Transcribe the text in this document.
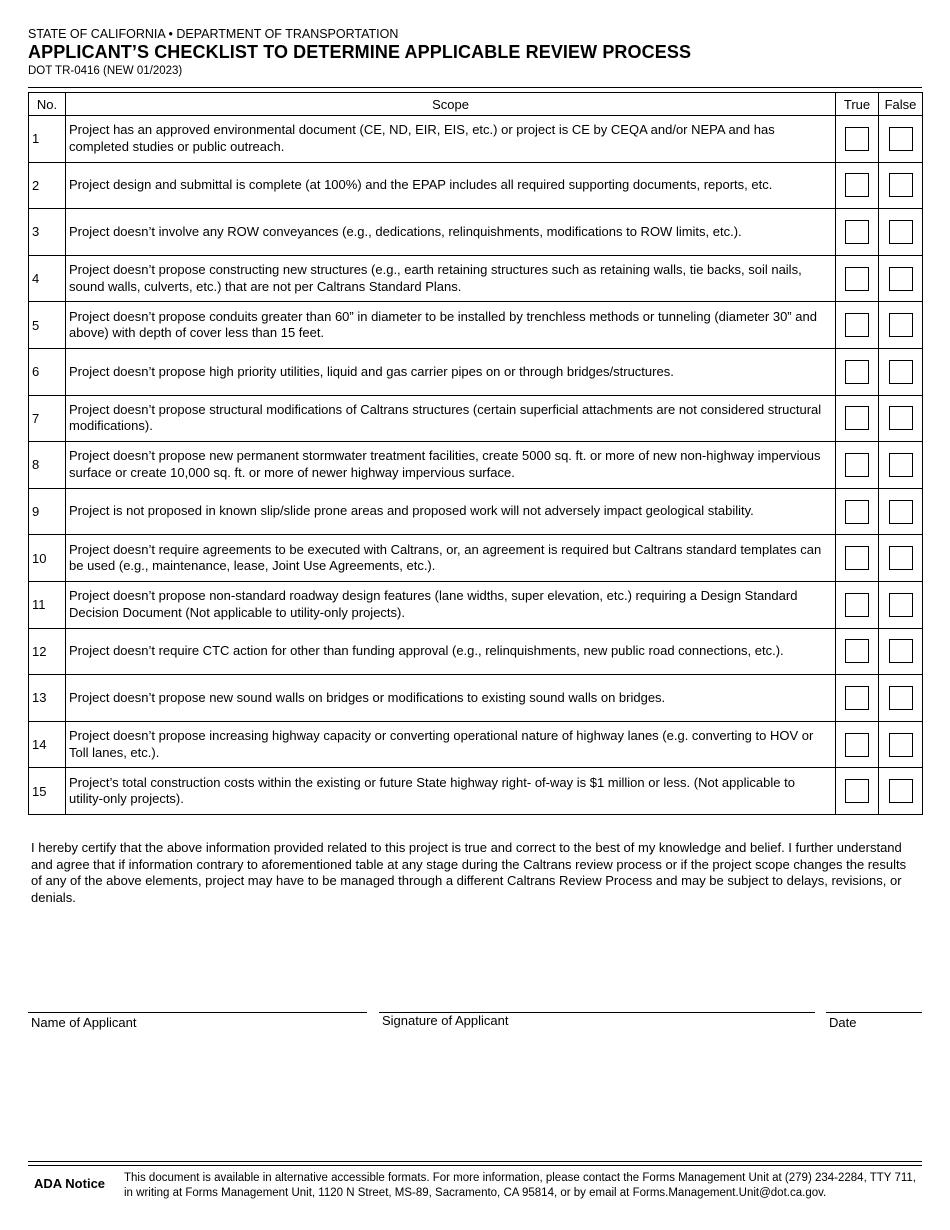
STATE OF CALIFORNIA • DEPARTMENT OF TRANSPORTATION
APPLICANT’S CHECKLIST TO DETERMINE APPLICABLE REVIEW PROCESS
DOT TR-0416 (NEW 01/2023)
No.	Scope	True	False
1	Project has an approved environmental document (CE, ND, EIR, EIS, etc.) or project is CE by CEQA and/or NEPA and has completed studies or public outreach.		
2	Project design and submittal is complete (at 100%) and the EPAP includes all required supporting documents, reports, etc.		
3	Project doesn’t involve any ROW conveyances (e.g., dedications, relinquishments, modifications to ROW limits, etc.).		
4	Project doesn’t propose constructing new structures (e.g., earth retaining structures such as retaining walls, tie backs, soil nails, sound walls, culverts, etc.) that are not per Caltrans Standard Plans.		
5	Project doesn’t propose conduits greater than 60” in diameter to be installed by trenchless methods or tunneling (diameter 30” and above) with depth of cover less than 15 feet.		
6	Project doesn’t propose high priority utilities, liquid and gas carrier pipes on or through bridges/structures.		
7	Project doesn’t propose structural modifications of Caltrans structures (certain superficial attachments are not considered structural modifications).		
8	Project doesn’t propose new permanent stormwater treatment facilities, create 5000 sq. ft. or more of new non-highway impervious surface or create 10,000 sq. ft. or more of newer highway impervious surface.		
9	Project is not proposed in known slip/slide prone areas and proposed work will not adversely impact geological stability.		
10	Project doesn’t require agreements to be executed with Caltrans, or, an agreement is required but Caltrans standard templates can be used (e.g., maintenance, lease, Joint Use Agreements, etc.).		
11	Project doesn’t propose non-standard roadway design features (lane widths, super elevation, etc.) requiring a Design Standard Decision Document (Not applicable to utility-only projects).		
12	Project doesn’t require CTC action for other than funding approval (e.g., relinquishments, new public road connections, etc.).		
13	Project doesn’t propose new sound walls on bridges or modifications to existing sound walls on bridges.		
14	Project doesn’t propose increasing highway capacity or converting operational nature of highway lanes (e.g. converting to HOV or Toll lanes, etc.).		
15	Project’s total construction costs within the existing or future State highway right- of-way is $1 million or less. (Not applicable to utility-only projects).		
I hereby certify that the above information provided related to this project is true and correct to the best of my knowledge and belief. I further understand and agree that if information contrary to aforementioned table at any stage during the Caltrans review process or if the project scope changes the results of any of the above elements, project may have to be managed through a different Caltrans Review Process and may be subject to delays, revisions, or denials.
Name of Applicant	Signature of Applicant	Date
ADA Notice This document is available in alternative accessible formats. For more information, please contact the Forms Management Unit at (279) 234-2284, TTY 711, in writing at Forms Management Unit, 1120 N Street, MS-89, Sacramento, CA 95814, or by email at Forms.Management.Unit@dot.ca.gov.
